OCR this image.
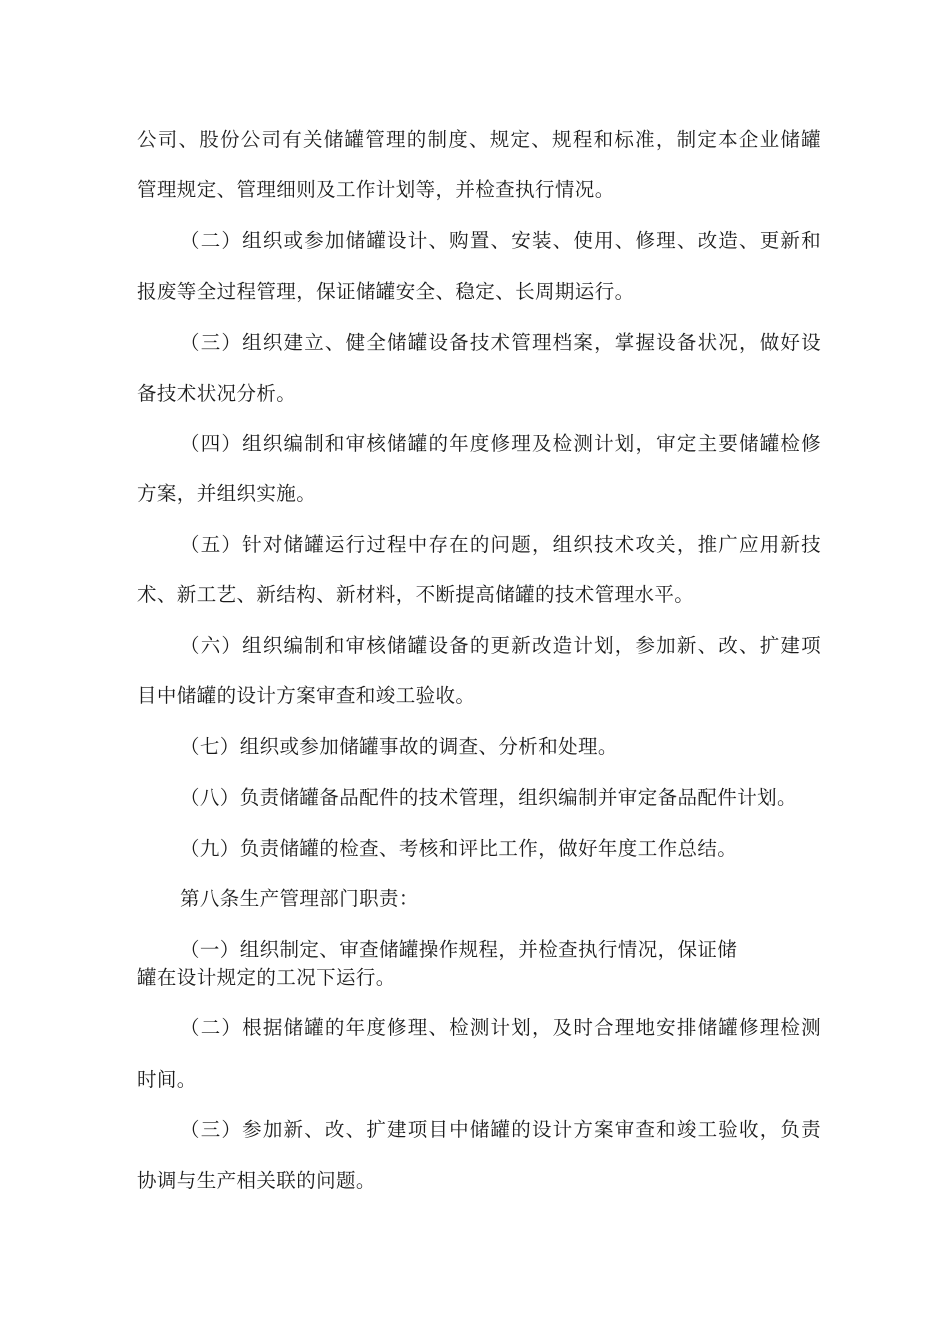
公司、股份公司有关储罐管理的制度、规定、规程和标准，制定本企业储罐

管理规定、管理细则及工作计划等，并检查执行情况。

（二）组织或参加储罐设计、购置、安装、使用、修理、改造、更新和

报废等全过程管理，保证储罐安全、稳定、长周期运行。

（三）组织建立、健全储罐设备技术管理档案，掌握设备状况，做好设

备技术状况分析。

（四）组织编制和审核储罐的年度修理及检测计划，审定主要储罐检修

方案，并组织实施。

（五）针对储罐运行过程中存在的问题，组织技术攻关，推广应用新技

术、新工艺、新结构、新材料，不断提高储罐的技术管理水平。

（六）组织编制和审核储罐设备的更新改造计划，参加新、改、扩建项

目中储罐的设计方案审查和竣工验收。

（七）组织或参加储罐事故的调查、分析和处理。

（八）负责储罐备品配件的技术管理，组织编制并审定备品配件计划。

（九）负责储罐的检查、考核和评比工作，做好年度工作总结。

第八条生产管理部门职责：

（一）组织制定、审查储罐操作规程，并检查执行情况，保证储

罐在设计规定的工况下运行。

（二）根据储罐的年度修理、检测计划，及时合理地安排储罐修理检测

时间。

（三）参加新、改、扩建项目中储罐的设计方案审查和竣工验收，负责

协调与生产相关联的问题。
